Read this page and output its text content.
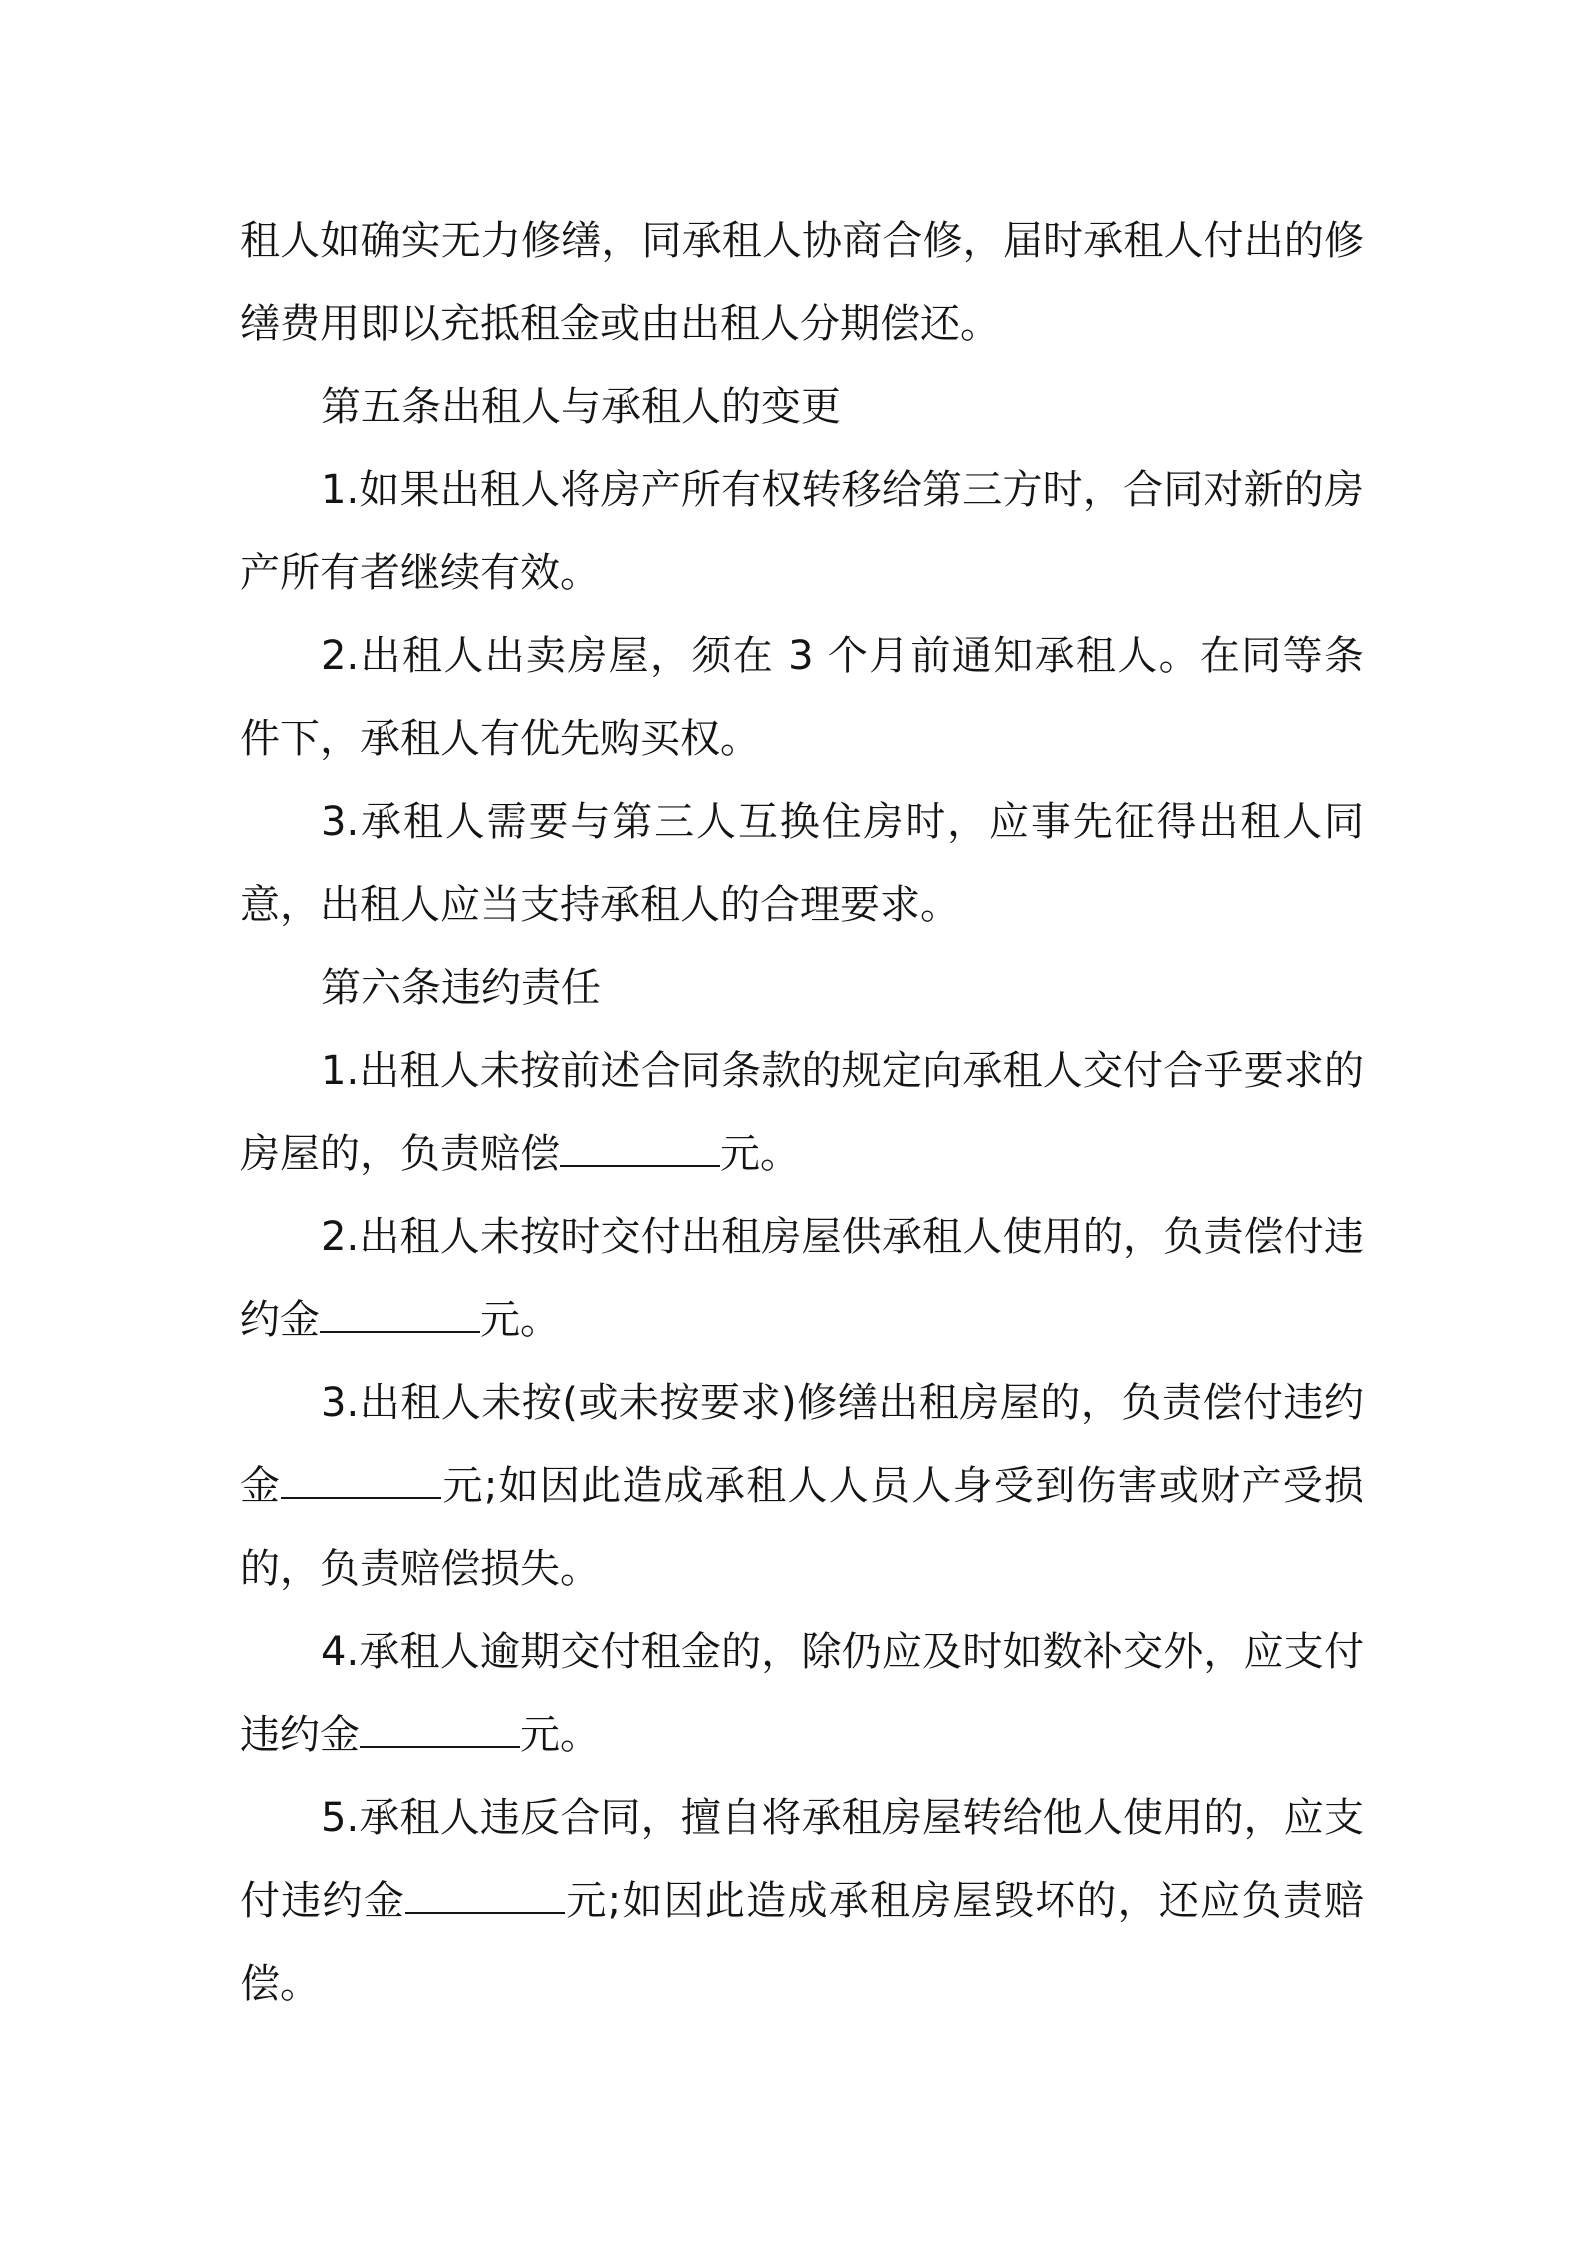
租人如确实无力修缮，同承租人协商合修，届时承租人付出的修缮费用即以充抵租金或由出租人分期偿还。

第五条出租人与承租人的变更

1.如果出租人将房产所有权转移给第三方时，合同对新的房产所有者继续有效。

2.出租人出卖房屋，须在 3 个月前通知承租人。在同等条件下，承租人有优先购买权。

3.承租人需要与第三人互换住房时，应事先征得出租人同意，出租人应当支持承租人的合理要求。

第六条违约责任

1.出租人未按前述合同条款的规定向承租人交付合乎要求的房屋的，负责赔偿	元。

2.出租人未按时交付出租房屋供承租人使用的，负责偿付违约金	元。

3.出租人未按(或未按要求)修缮出租房屋的，负责偿付违约金	元;如因此造成承租人人员人身受到伤害或财产受损的，负责赔偿损失。

4.承租人逾期交付租金的，除仍应及时如数补交外，应支付违约金	元。

5.承租人违反合同，擅自将承租房屋转给他人使用的，应支付违约金	元;如因此造成承租房屋毁坏的，还应负责赔偿。
